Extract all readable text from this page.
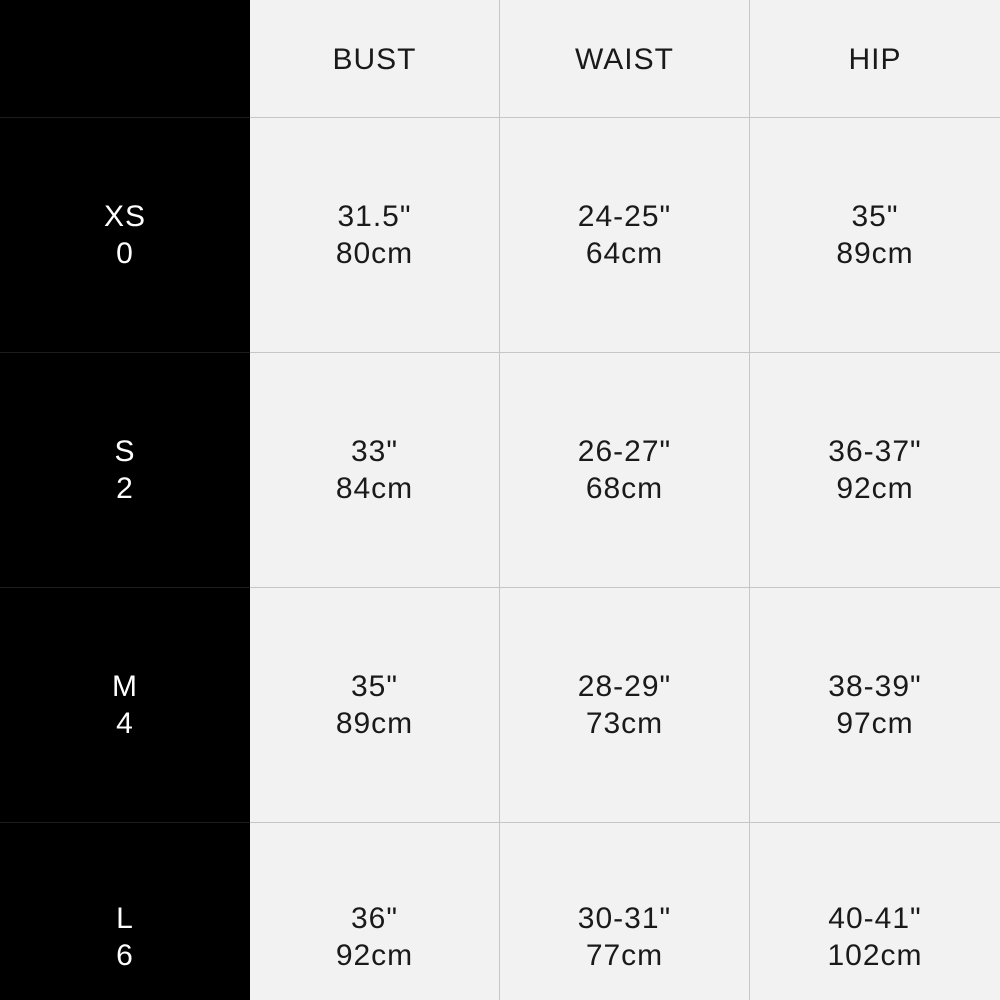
BUST	WAIST	HIP
XS
0
31.5"
80cm
24-25"
64cm
35"
89cm
S
2
33"
84cm
26-27"
68cm
36-37"
92cm
M
4
35"
89cm
28-29"
73cm
38-39"
97cm
L
6
36"
92cm
30-31"
77cm
40-41"
102cm
